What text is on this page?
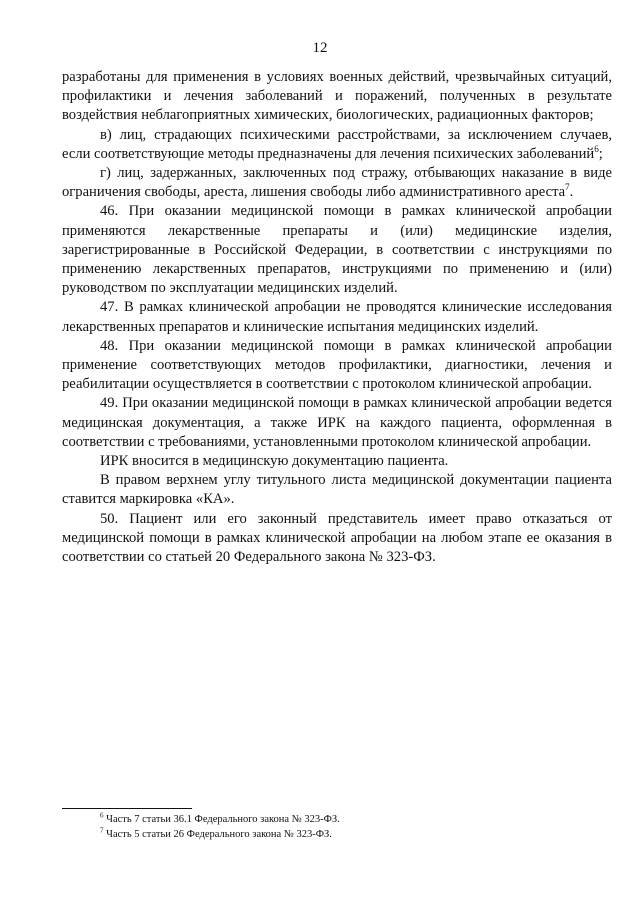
12

разработаны для применения в условиях военных действий, чрезвычайных ситуаций, профилактики и лечения заболеваний и поражений, полученных в результате воздействия неблагоприятных химических, биологических, радиационных факторов;

в) лиц, страдающих психическими расстройствами, за исключением случаев, если соответствующие методы предназначены для лечения психических заболеваний$^6$;

г) лиц, задержанных, заключенных под стражу, отбывающих наказание в виде ограничения свободы, ареста, лишения свободы либо административного ареста$^7$.

46. При оказании медицинской помощи в рамках клинической апробации применяются лекарственные препараты и (или) медицинские изделия, зарегистрированные в Российской Федерации, в соответствии с инструкциями по применению лекарственных препаратов, инструкциями по применению и (или) руководством по эксплуатации медицинских изделий.

47. В рамках клинической апробации не проводятся клинические исследования лекарственных препаратов и клинические испытания медицинских изделий.

48. При оказании медицинской помощи в рамках клинической апробации применение соответствующих методов профилактики, диагностики, лечения и реабилитации осуществляется в соответствии с протоколом клинической апробации.

49. При оказании медицинской помощи в рамках клинической апробации ведется медицинская документация, а также ИРК на каждого пациента, оформленная в соответствии с требованиями, установленными протоколом клинической апробации.

ИРК вносится в медицинскую документацию пациента.

В правом верхнем углу титульного листа медицинской документации пациента ставится маркировка «КА».

50. Пациент или его законный представитель имеет право отказаться от медицинской помощи в рамках клинической апробации на любом этапе ее оказания в соответствии со статьей 20 Федерального закона № 323-ФЗ.

$^6$ Часть 7 статьи 36.1 Федерального закона № 323-ФЗ.

$^7$ Часть 5 статьи 26 Федерального закона № 323-ФЗ.
